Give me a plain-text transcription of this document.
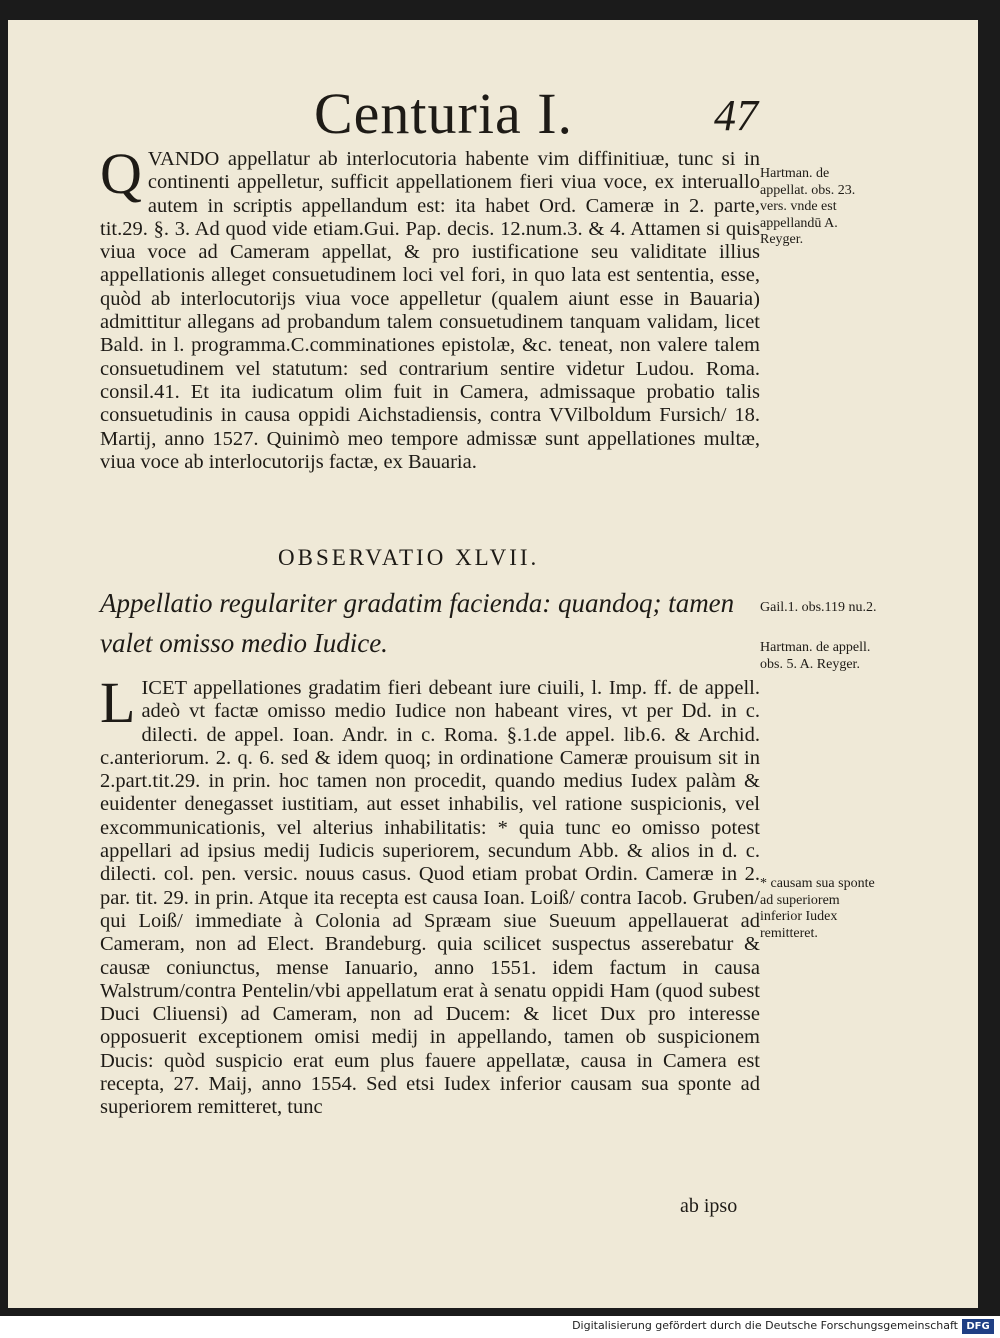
Centuria I.	47

Q VANDO appellatur ab interlocutoria habente vim diffinitiuæ, tunc si in continenti appelletur, sufficit appellationem fieri viua voce, ex interuallo autem in scriptis appellandum est: ita habet Ord. Cameræ in 2. parte, tit.29. §. 3. Ad quod vide etiam.Gui. Pap. decis. 12.num.3. & 4. Attamen si quis viua voce ad Cameram appellat, & pro iustificatione seu validitate illius appellationis alleget consuetudinem loci vel fori, in quo lata est sententia, esse, quòd ab interlocutorijs viua voce appelletur (qualem aiunt esse in Bauaria) admittitur allegans ad probandum talem consuetudinem tanquam validam, licet Bald. in l. programma.C.comminationes epistolæ, &c. teneat, non valere talem consuetudinem vel statutum: sed contrarium sentire videtur Ludou. Roma. consil.41. Et ita iudicatum olim fuit in Camera, admissaque probatio talis consuetudinis in causa oppidi Aichstadiensis, contra VVilboldum Fursich/ 18. Martij, anno 1527. Quinimò meo tempore admissæ sunt appellationes multæ, viua voce ab interlocutorijs factæ, ex Bauaria.

Hartman. de appellat. obs. 23. vers. vnde est appellandū A. Reyger.
OBSERVATIO XLVII.
Appellatio regulariter gradatim facienda: quandoq; tamen valet omisso medio Iudice.
Gail.1. obs.119 nu.2.
Hartman. de appell. obs. 5. A. Reyger.

L ICET appellationes gradatim fieri debeant iure ciuili, l. Imp. ff. de appell. adeò vt factæ omisso medio Iudice non habeant vires, vt per Dd. in c. dilecti. de appel. Ioan. Andr. in c. Roma. §.1.de appel. lib.6. & Archid. c.anteriorum. 2. q. 6. sed & idem quoq; in ordinatione Cameræ prouisum sit in 2.part.tit.29. in prin. hoc tamen non procedit, quando medius Iudex palàm & euidenter denegasset iustitiam, aut esset inhabilis, vel ratione suspicionis, vel excommunicationis, vel alterius inhabilitatis: * quia tunc eo omisso potest appellari ad ipsius medij Iudicis superiorem, secundum Abb. & alios in d. c. dilecti. col. pen. versic. nouus casus. Quod etiam probat Ordin. Cameræ in 2. par. tit. 29. in prin. Atque ita recepta est causa Ioan. Loiß/ contra Iacob. Gruben/ qui Loiß/ immediate à Colonia ad Spræam siue Sueuum appellauerat ad Cameram, non ad Elect. Brandeburg. quia scilicet suspectus asserebatur & causæ coniunctus, mense Ianuario, anno 1551. idem factum in causa Walstrum/contra Pentelin/vbi appellatum erat à senatu oppidi Ham (quod subest Duci Cliuensi) ad Cameram, non ad Ducem: & licet Dux pro interesse opposuerit exceptionem omisi medij in appellando, tamen ob suspicionem Ducis: quòd suspicio erat eum plus fauere appellatæ, causa in Camera est recepta, 27. Maij, anno 1554. Sed etsi Iudex inferior causam sua sponte ad superiorem remitteret, tunc

* causam sua sponte ad superiorem inferior Iudex remitteret.
ab ipso
Digitalisierung gefördert durch die Deutsche Forschungsgemeinschaft DFG
